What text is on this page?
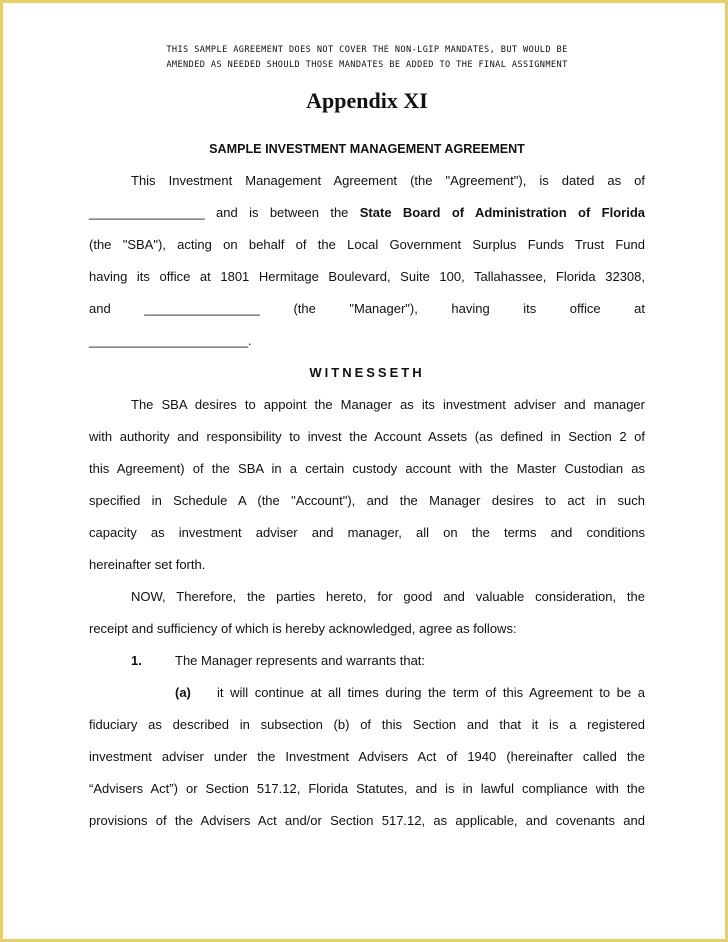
THIS SAMPLE AGREEMENT DOES NOT COVER THE NON-LGIP MANDATES, BUT WOULD BE
AMENDED AS NEEDED SHOULD THOSE MANDATES BE ADDED TO THE FINAL ASSIGNMENT
Appendix XI
SAMPLE INVESTMENT MANAGEMENT AGREEMENT
This Investment Management Agreement (the "Agreement"), is dated as of
________________ and is between the State Board of Administration of Florida
(the "SBA"), acting on behalf of the Local Government Surplus Funds Trust Fund
having its office at 1801 Hermitage Boulevard, Suite 100, Tallahassee, Florida 32308,
and ________________ (the "Manager"), having its office at
______________________.
WITNESSETH
The SBA desires to appoint the Manager as its investment adviser and manager
with authority and responsibility to invest the Account Assets (as defined in Section 2 of
this Agreement) of the SBA in a certain custody account with the Master Custodian as
specified in Schedule A (the "Account"), and the Manager desires to act in such
capacity as investment adviser and manager, all on the terms and conditions
hereinafter set forth.
NOW, Therefore, the parties hereto, for good and valuable consideration, the
receipt and sufficiency of which is hereby acknowledged, agree as follows:
1.	The Manager represents and warrants that:
(a) it will continue at all times during the term of this Agreement to be a
fiduciary as described in subsection (b) of this Section and that it is a registered
investment adviser under the Investment Advisers Act of 1940 (hereinafter called the
“Advisers Act”) or Section 517.12, Florida Statutes, and is in lawful compliance with the
provisions of the Advisers Act and/or Section 517.12, as applicable, and covenants and
